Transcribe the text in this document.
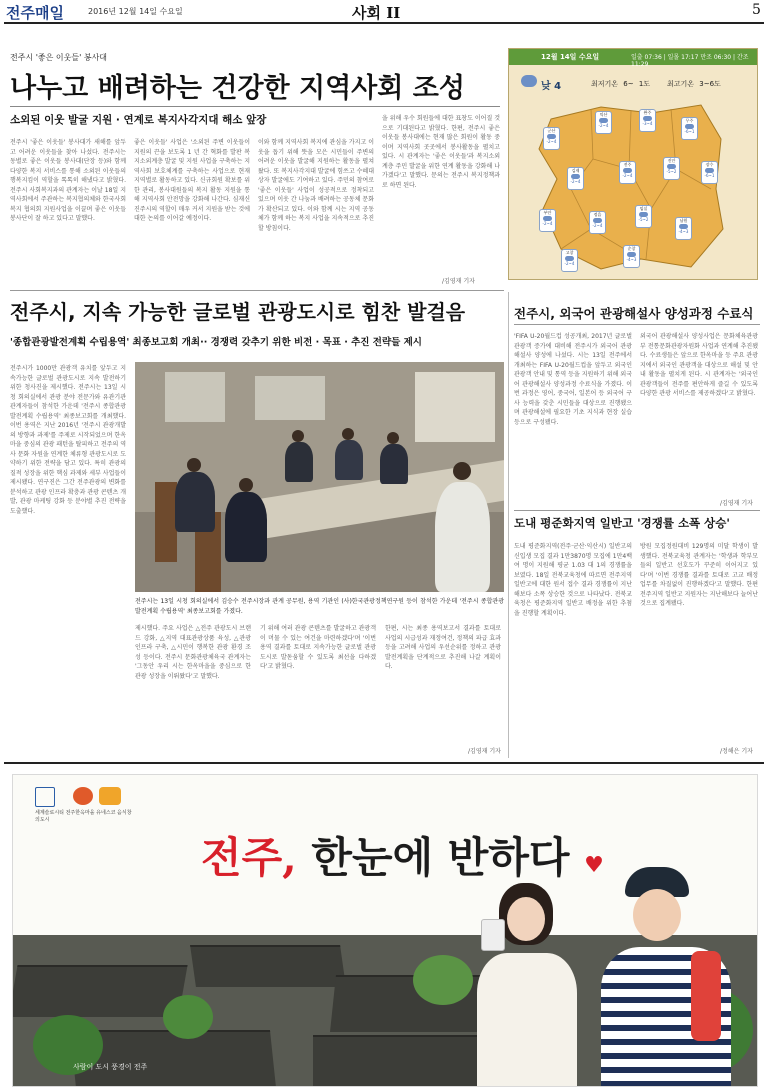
전주매일	2016년 12월 14일 수요일	사회 II	5
전주시 '좋은 이웃들' 봉사대
나누고 배려하는 건강한 지역사회 조성
소외된 이웃 발굴 지원 · 연계로 복지사각지대 해소 앞장
전주시 '좋은 이웃들' 봉사대가 새해를 앞두고 어려운 이웃들을 찾아 나섰다. 전주시는 동별로 좋은 이웃들 봉사대(단장 등)와 함께 다양한 복지 서비스를 통해 소외된 이웃들의 행복지킴이 역할을 톡톡히 해냈다고 밝혔다. 전주시 사회복지과의 관계자는 이날 18일 지역사회에서 주관하는 복지협의체와 한국사회복지 협의회 지원사업을 이끌며 좋은 이웃들 봉사단이 잘 하고 있다고 말했다.
좋은 이웃들' 사업은 '소외된 주변 이웃들이 지원의 끈을 보도록 1 년 간 혁화를 발판 복지소외계층 발굴 및 지원 사업을 구축하는 지역사회 보호체계를 구축하는 사업으로 현재 지역별로 활동하고 있다. 신규회원 확보를 위한 관리, 봉사대원들의 복지 활동 지원을 통해 지역사회 안전망을 강화해 나간다. 심재신 진주시의 역할이 매우 커서 지원을 받는 것에 대한 논의를 이어갈 예정이다.
이와 함께 지역사회 복지에 관심을 가지고 이웃을 돕기 위해 뜻을 모은 시민들이 주변의 어려운 이웃을 발굴해 지원하는 활동을 펼쳐왔다. 또 복지사각지대 발굴에 힘쓰고 수혜대상자 발굴에도 기여하고 있다. 주민의 참여로 '좋은 이웃들' 사업이 성공적으로 정착되고 있으며 이웃 간 나눔과 배려하는 공동체 문화가 확산되고 있다. 이와 함께 시는 지역 공동체가 함께 하는 복지 사업을 지속적으로 추진할 방침이다.
을 위해 우수 회원들에 대한 표창도 이어질 것으로 기대된다고 밝혔다. 한편, 전주시 좋은 이웃들 봉사대에는 현재 많은 회원이 활동 중이며 지역사회 곳곳에서 봉사활동을 펼치고 있다. 시 관계자는 '좋은 이웃들'과 복지소외계층 주민 발굴을 위한 연계 활동을 강화해 나가겠다'고 말했다. 문의는 전주시 복지정책과로 하면 된다.
/김영재 기자
12월 14일 수요일	일출 07:36 | 일몰 17:17 만조 06:30 | 간조 11:29
낮 4	최저기온 6~ 1도 최고기온 3~6도
군산
-2~4
익산
-2~4
완주
-3~4
무주
-6~1
김제
-2~4
전주
-2~4
진안
-5~2
장수
-6~1
부안
-2~4
정읍
-2~4
임실
-5~2	남원
-4~3
고창
-2~4
순창
-4~3
전주시, 지속 가능한 글로벌 관광도시로 힘찬 발걸음
'종합관광발전계획 수립용역' 최종보고회 개최·· 경쟁력 갖추기 위한 비전 · 목표 · 추진 전략들 제시
전주시가 1000만 관광객 유치를 앞두고 지속가능한 글로벌 관광도시로 지속 발전하기 위한 청사진을 제시했다. 전주시는 13일 시청 회의실에서 관광 분야 전문가와 유관기관 관계자들이 참석한 가운데 '전주시 종합관광발전계획 수립용역' 최종보고회를 개최했다. 이번 용역은 지난 2016년 '전주시 관광개발의 방향과 과제'를 주제로 시작되었으며 한옥마을 중심의 관광 패턴을 탈피하고 전주의 역사 문화 자원을 연계한 체류형 관광도시로 도약하기 위한 전략을 담고 있다. 특히 관광의 질적 성장을 위한 핵심 과제와 세부 사업들이 제시됐다. 연구진은 그간 전주관광의 변화를 분석하고 관광 인프라 확충과 관광 콘텐츠 개발, 관광 마케팅 강화 등 분야별 추진 전략을 도출했다.
전주시는 13일 시청 회의실에서 김승수 전주시장과 관계 공무원, 용역 기관인 (사)한국관광정책연구원 등이 참석한 가운데 '전주시 종합관광발전계획 수립용역' 최종보고회를 가졌다.
제시했다. 주요 사업은 △전주 관광도시 브랜드 강화, △지역 대표관광상품 육성, △관광 인프라 구축, △시민이 행복한 관광 환경 조성 등이다. 전주시 문화관광체육국 관계자는 '그동안 우리 시는 한옥마을을 중심으로 한 관광 성장을 이뤄왔다'고 말했다.
기 위해 여러 관광 콘텐츠를 발굴하고 관광객이 머물 수 있는 여건을 마련하겠다'며 '이번 용역 결과를 토대로 지속가능한 글로벌 관광도시로 발돋움할 수 있도록 최선을 다하겠다'고 밝혔다.
한편, 시는 최종 용역보고서 결과를 토대로 사업의 시급성과 재정여건, 정책의 파급 효과 등을 고려해 사업의 우선순위를 정하고 관광발전계획을 단계적으로 추진해 나갈 계획이다.
/김영재 기자
전주시, 외국어 관광해설사 양성과정 수료식
'FIFA U-20월드컵 성공개최, 2017년 글로벌 관광객 증가에 대비해 전주시가 외국어 관광해설사 양성에 나섰다. 시는 13일 전주에서 개최하는 FIFA U-20월드컵을 앞두고 외국인 관광객 안내 및 통역 등을 지원하기 위해 외국어 관광해설사 양성과정 수료식을 가졌다. 이번 과정은 영어, 중국어, 일본어 등 외국어 구사 능력을 갖춘 시민들을 대상으로 진행됐으며 관광해설에 필요한 기초 지식과 현장 실습 등으로 구성됐다.
외국어 관광해설사 양성사업은 문화체육관광부 전통문화관광자원화 사업과 연계해 추진됐다. 수료생들은 앞으로 한옥마을 등 주요 관광지에서 외국인 관광객을 대상으로 해설 및 안내 활동을 펼치게 된다. 시 관계자는 '외국인 관광객들이 전주를 편안하게 즐길 수 있도록 다양한 관광 서비스를 제공하겠다'고 밝혔다.
/김영재 기자
도내 평준화지역 일반고 '경쟁률 소폭 상승'
도내 평준화지역(전주·군산·익산시) 일반고의 신입생 모집 결과 1만3870명 모집에 1만4백여 명이 지원해 평균 1.03 대 1의 경쟁률을 보였다. 18일 전북교육청에 따르면 전주지역 일반고에 대한 원서 접수 결과 경쟁률이 지난해보다 소폭 상승한 것으로 나타났다. 전북교육청은 평준화지역 일반고 배정을 위한 추첨을 진행할 계획이다.
방원 모집정원대비 129명의 미달 학생이 발생했다. 전북교육청 관계자는 '학생과 학부모들의 일반고 선호도가 꾸준히 이어지고 있다'며 '이번 경쟁률 결과를 토대로 고교 배정 업무를 차질없이 진행하겠다'고 말했다. 한편 전주지역 일반고 지원자는 지난해보다 늘어난 것으로 집계됐다.
/정해은 기자
세계슬로시티 전주한옥마을 유네스코 음식창의도시
전주, 한눈에 반하다 ♥
사람이 도시 풍경이 전주
